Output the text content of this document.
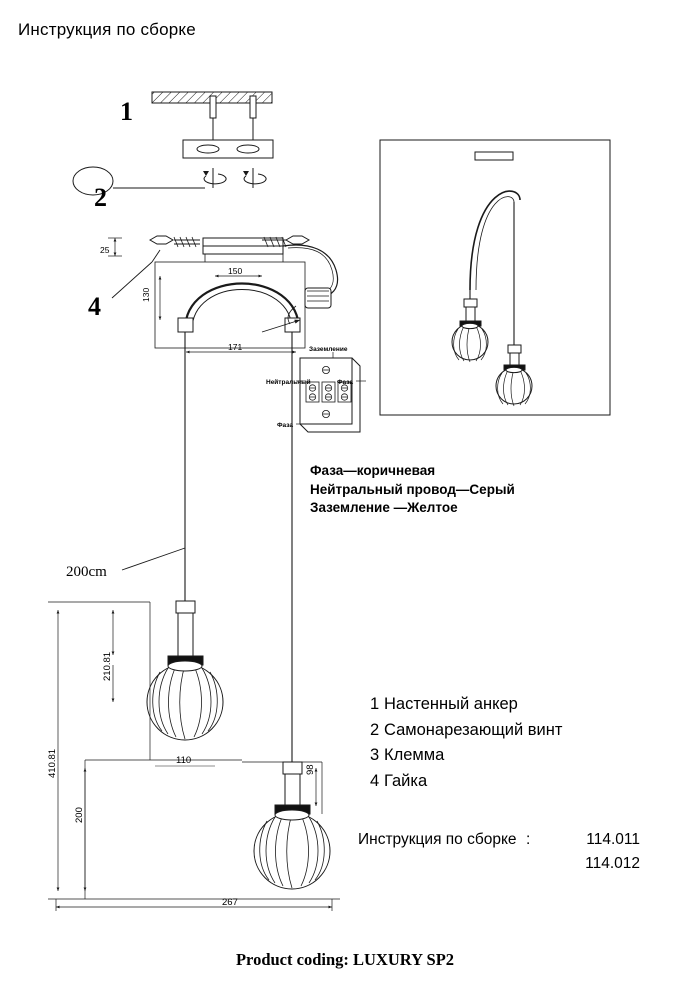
Инструкция по сборке
1
2
4
25
150
130
171	Заземление
Нейтральный
Фаза
Фаза
200cm
210.81
410.81	110
200
98
267
Фаза—коричневая
Нейтральный провод—Серый
Заземление —Желтое
1 Настенный анкер
2 Самонарезающий винт
3 Клемма
4 Гайка
Инструкция по сборке :	114.011
114.012
Product coding: LUXURY SP2
